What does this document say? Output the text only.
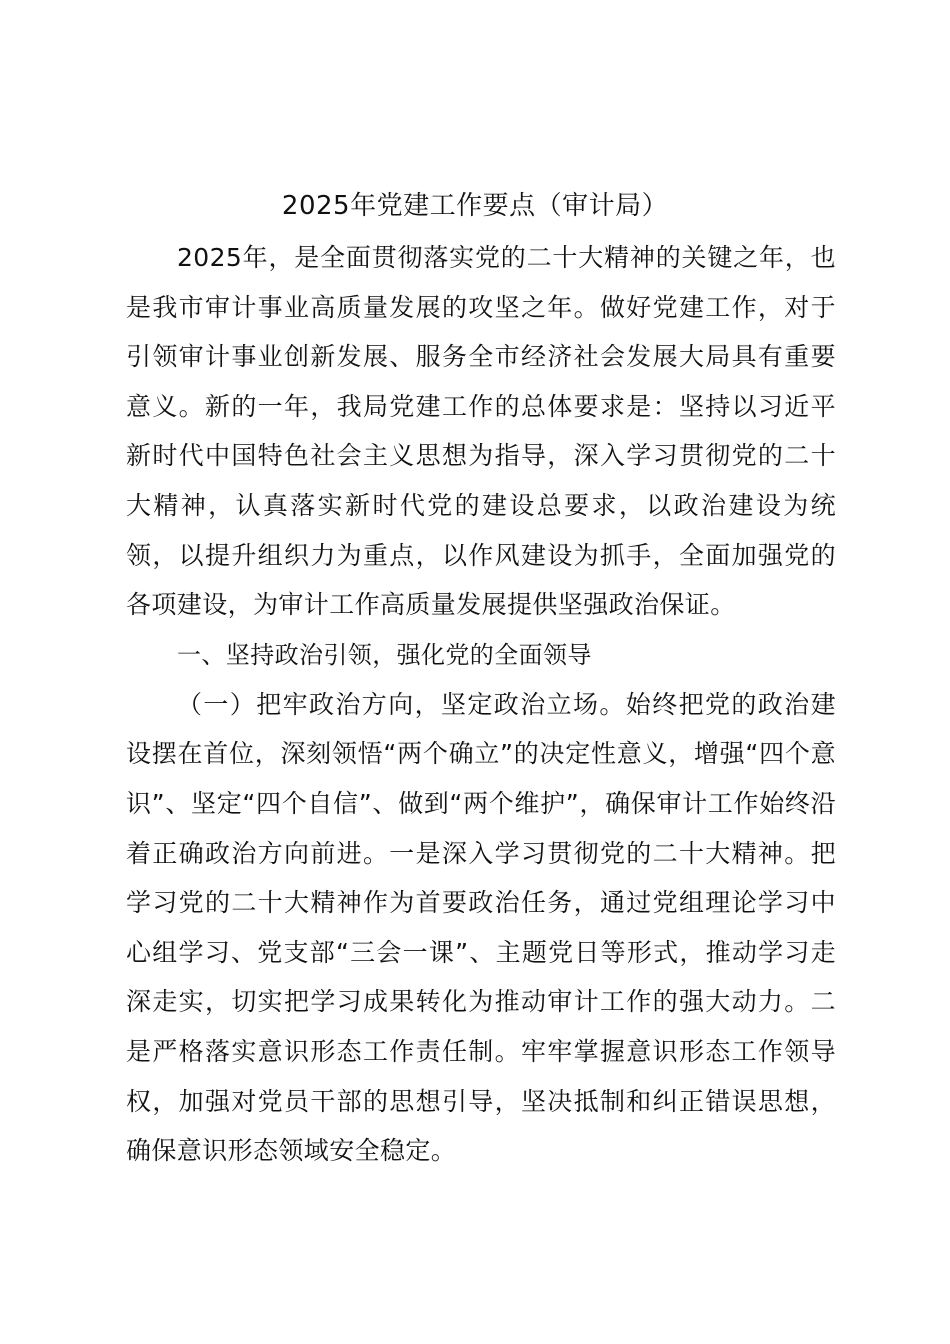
2025年党建工作要点（审计局）

2025年，是全面贯彻落实党的二十大精神的关键之年，也是我市审计事业高质量发展的攻坚之年。做好党建工作，对于引领审计事业创新发展、服务全市经济社会发展大局具有重要意义。新的一年，我局党建工作的总体要求是：坚持以习近平新时代中国特色社会主义思想为指导，深入学习贯彻党的二十大精神，认真落实新时代党的建设总要求，以政治建设为统领，以提升组织力为重点，以作风建设为抓手，全面加强党的各项建设，为审计工作高质量发展提供坚强政治保证。

一、坚持政治引领，强化党的全面领导

（一）把牢政治方向，坚定政治立场。始终把党的政治建设摆在首位，深刻领悟“两个确立”的决定性意义，增强“四个意识”、坚定“四个自信”、做到“两个维护”，确保审计工作始终沿着正确政治方向前进。一是深入学习贯彻党的二十大精神。把学习党的二十大精神作为首要政治任务，通过党组理论学习中心组学习、党支部“三会一课”、主题党日等形式，推动学习走深走实，切实把学习成果转化为推动审计工作的强大动力。二是严格落实意识形态工作责任制。牢牢掌握意识形态工作领导权，加强对党员干部的思想引导，坚决抵制和纠正错误思想，确保意识形态领域安全稳定。
